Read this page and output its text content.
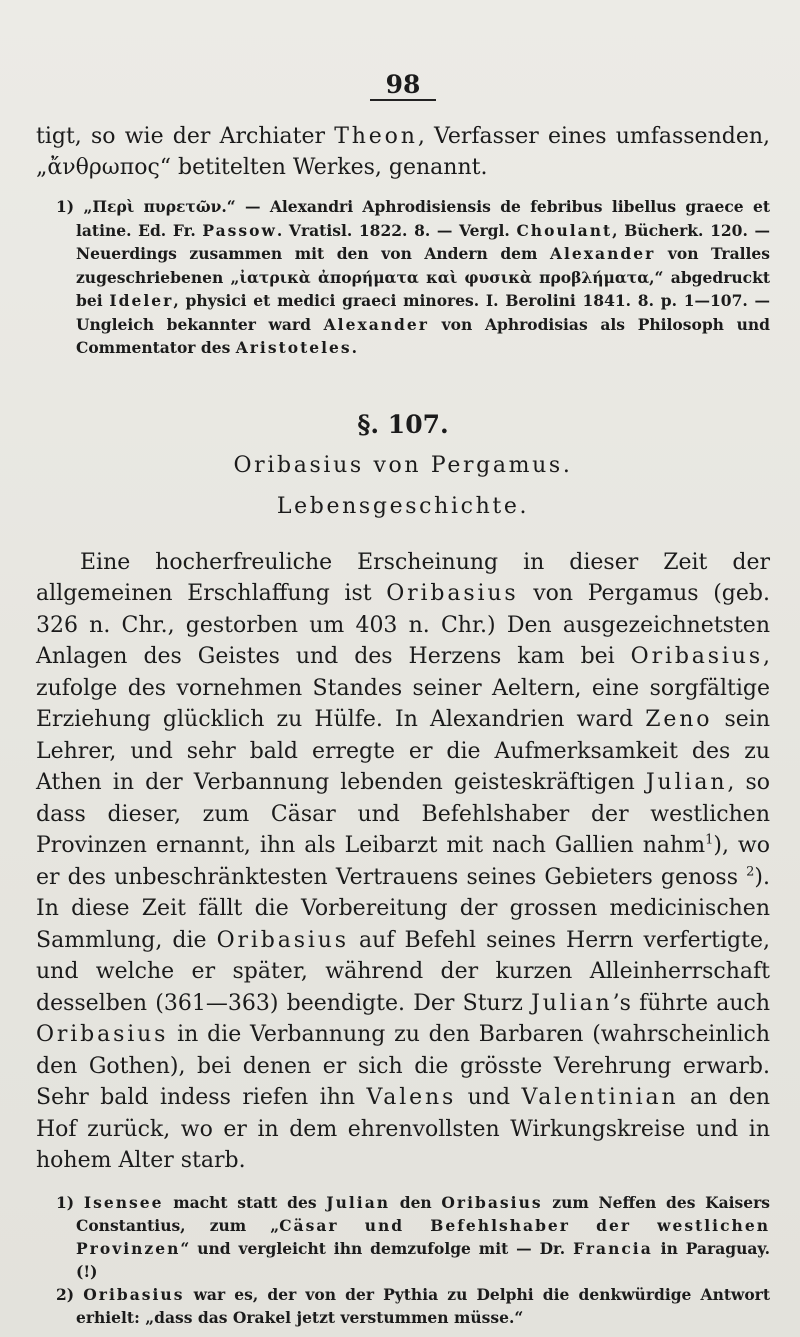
98

tigt, so wie der Archiater Theon, Verfasser eines umfassenden, „ἄνθρωπος“ betitelten Werkes, genannt.

1) „Περὶ πυρετῶν.“ — Alexandri Aphrodisiensis de febribus libellus graece et latine. Ed. Fr. Passow. Vratisl. 1822. 8. — Vergl. Choulant, Bücherk. 120. — Neuerdings zusammen mit den von Andern dem Alexander von Tralles zugeschriebenen „ἰατρικὰ ἀπορήματα καὶ φυσικὰ προβλήματα,“ abgedruckt bei Ideler, physici et medici graeci minores. I. Berolini 1841. 8. p. 1—107. — Ungleich bekannter ward Alexander von Aphrodisias als Philosoph und Commentator des Aristoteles.

§. 107.
Oribasius von Pergamus.
Lebensgeschichte.

Eine hocherfreuliche Erscheinung in dieser Zeit der allgemeinen Erschlaffung ist Oribasius von Pergamus (geb. 326 n. Chr., gestorben um 403 n. Chr.) Den ausgezeichnetsten Anlagen des Geistes und des Herzens kam bei Oribasius, zufolge des vornehmen Standes seiner Aeltern, eine sorgfältige Erziehung glücklich zu Hülfe. In Alexandrien ward Zeno sein Lehrer, und sehr bald erregte er die Aufmerksamkeit des zu Athen in der Verbannung lebenden geisteskräftigen Julian, so dass dieser, zum Cäsar und Befehlshaber der westlichen Provinzen ernannt, ihn als Leibarzt mit nach Gallien nahm$^1$), wo er des unbeschränktesten Vertrauens seines Gebieters genoss $^2$). In diese Zeit fällt die Vorbereitung der grossen medicinischen Sammlung, die Oribasius auf Befehl seines Herrn verfertigte, und welche er später, während der kurzen Alleinherrschaft desselben (361—363) beendigte. Der Sturz Julian’s führte auch Oribasius in die Verbannung zu den Barbaren (wahrscheinlich den Gothen), bei denen er sich die grösste Verehrung erwarb. Sehr bald indess riefen ihn Valens und Valentinian an den Hof zurück, wo er in dem ehrenvollsten Wirkungskreise und in hohem Alter starb.

1) Isensee macht statt des Julian den Oribasius zum Neffen des Kaisers Constantius, zum „Cäsar und Befehlshaber der westlichen Provinzen“ und vergleicht ihn demzufolge mit — Dr. Francia in Paraguay. (!)

2) Oribasius war es, der von der Pythia zu Delphi die denkwürdige Antwort erhielt: „dass das Orakel jetzt verstummen müsse.“
